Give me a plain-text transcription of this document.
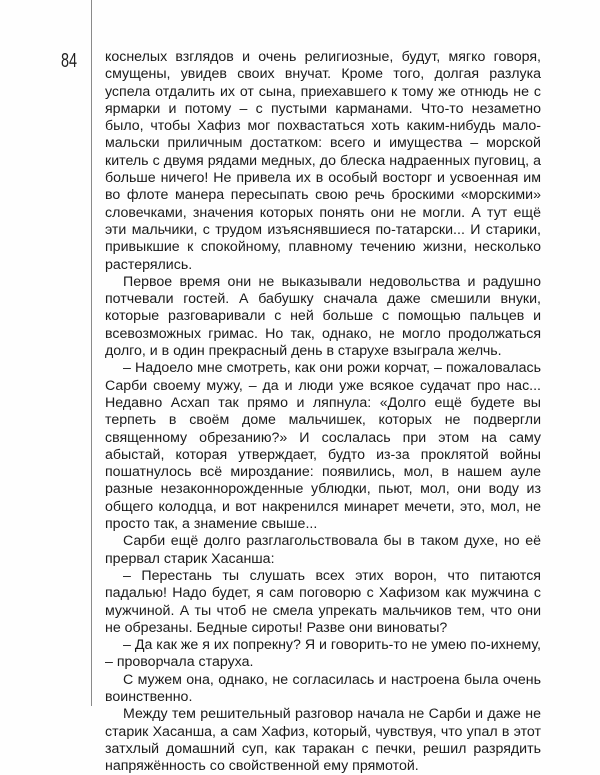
84 коснелых взглядов и очень религиозные, будут, мягко говоря, смущены, увидев своих внучат. Кроме того, долгая разлука успела отдалить их от сына, приехавшего к тому же отнюдь не с ярмарки и потому – с пустыми карманами. Что-то незаметно было, чтобы Хафиз мог похвастаться хоть каким-нибудь мало-мальски приличным достатком: всего и имущества – морской китель с двумя рядами медных, до блеска надраенных пуговиц, а больше ничего! Не привела их в особый восторг и усвоенная им во флоте манера пересыпать свою речь броскими «морскими» словечками, значения которых понять они не могли. А тут ещё эти мальчики, с трудом изъяснявшиеся по-татарски... И старики, привыкшие к спокойному, плавному течению жизни, несколько растерялись.

Первое время они не выказывали недовольства и радушно потчевали гостей. А бабушку сначала даже смешили внуки, которые разговаривали с ней больше с помощью пальцев и всевозможных гримас. Но так, однако, не могло продолжаться долго, и в один прекрасный день в старухе взыграла желчь.

– Надоело мне смотреть, как они рожи корчат, – пожаловалась Сарби своему мужу, – да и люди уже всякое судачат про нас... Недавно Асхап так прямо и ляпнула: «Долго ещё будете вы терпеть в своём доме мальчишек, которых не подвергли священному обрезанию?» И сослалась при этом на саму абыстай, которая утверждает, будто из-за проклятой войны пошатнулось всё мироздание: появились, мол, в нашем ауле разные незаконнорожденные ублюдки, пьют, мол, они воду из общего колодца, и вот накренился минарет мечети, это, мол, не просто так, а знамение свыше...

Сарби ещё долго разглагольствовала бы в таком духе, но её прервал старик Хасанша:

– Перестань ты слушать всех этих ворон, что питаются падалью! Надо будет, я сам поговорю с Хафизом как мужчина с мужчиной. А ты чтоб не смела упрекать мальчиков тем, что они не обрезаны. Бедные сироты! Разве они виноваты?

– Да как же я их попрекну? Я и говорить-то не умею по-ихнему, – проворчала старуха.

С мужем она, однако, не согласилась и настроена была очень воинственно.

Между тем решительный разговор начала не Сарби и даже не старик Хасанша, а сам Хафиз, который, чувствуя, что упал в этот затхлый домашний суп, как таракан с печки, решил разрядить напряжённость со свойственной ему прямотой.
